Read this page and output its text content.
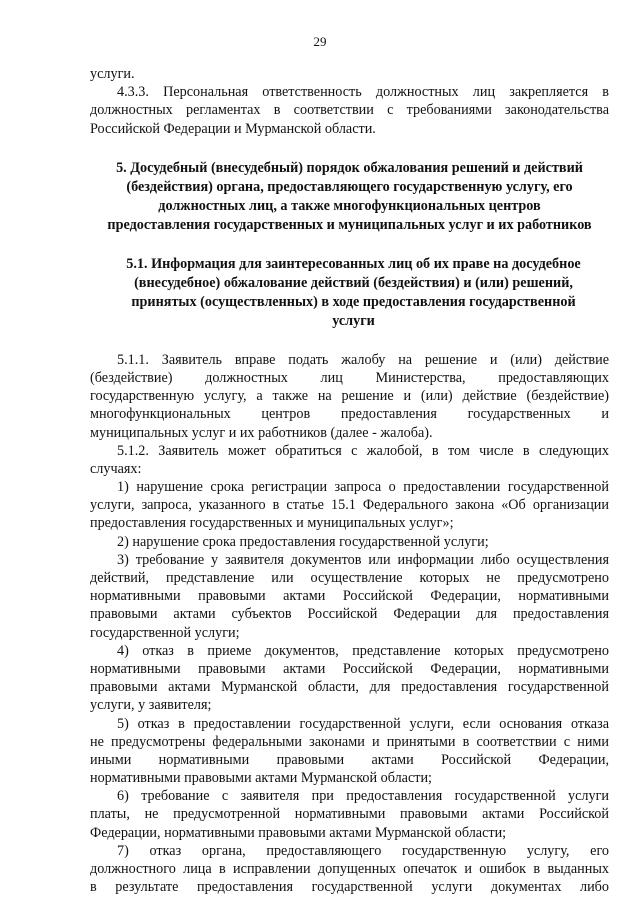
29
услуги.
4.3.3. Персональная ответственность должностных лиц закрепляется в
должностных регламентах в соответствии с требованиями законодательства
Российской Федерации и Мурманской области.
5. Досудебный (внесудебный) порядок обжалования решений и действий
(бездействия) органа, предоставляющего государственную услугу, его
должностных лиц, а также многофункциональных центров
предоставления государственных и муниципальных услуг и их работников
5.1. Информация для заинтересованных лиц об их праве на досудебное
(внесудебное) обжалование действий (бездействия) и (или) решений,
принятых (осуществленных) в ходе предоставления государственной
услуги
5.1.1. Заявитель вправе подать жалобу на решение и (или) действие
(бездействие) должностных лиц Министерства, предоставляющих
государственную услугу, а также на решение и (или) действие (бездействие)
многофункциональных центров предоставления государственных и
муниципальных услуг и их работников (далее - жалоба).
5.1.2. Заявитель может обратиться с жалобой, в том числе в следующих
случаях:
1) нарушение срока регистрации запроса о предоставлении государственной
услуги, запроса, указанного в статье 15.1 Федерального закона «Об организации
предоставления государственных и муниципальных услуг»;
2) нарушение срока предоставления государственной услуги;
3) требование у заявителя документов или информации либо осуществления
действий, представление или осуществление которых не предусмотрено
нормативными правовыми актами Российской Федерации, нормативными
правовыми актами субъектов Российской Федерации для предоставления
государственной услуги;
4) отказ в приеме документов, представление которых предусмотрено
нормативными правовыми актами Российской Федерации, нормативными
правовыми актами Мурманской области, для предоставления государственной
услуги, у заявителя;
5) отказ в предоставлении государственной услуги, если основания отказа
не предусмотрены федеральными законами и принятыми в соответствии с ними
иными нормативными правовыми актами Российской Федерации,
нормативными правовыми актами Мурманской области;
6) требование с заявителя при предоставления государственной услуги
платы, не предусмотренной нормативными правовыми актами Российской
Федерации, нормативными правовыми актами Мурманской области;
7) отказ органа, предоставляющего государственную услугу, его
должностного лица в исправлении допущенных опечаток и ошибок в выданных
в результате предоставления государственной услуги документах либо
